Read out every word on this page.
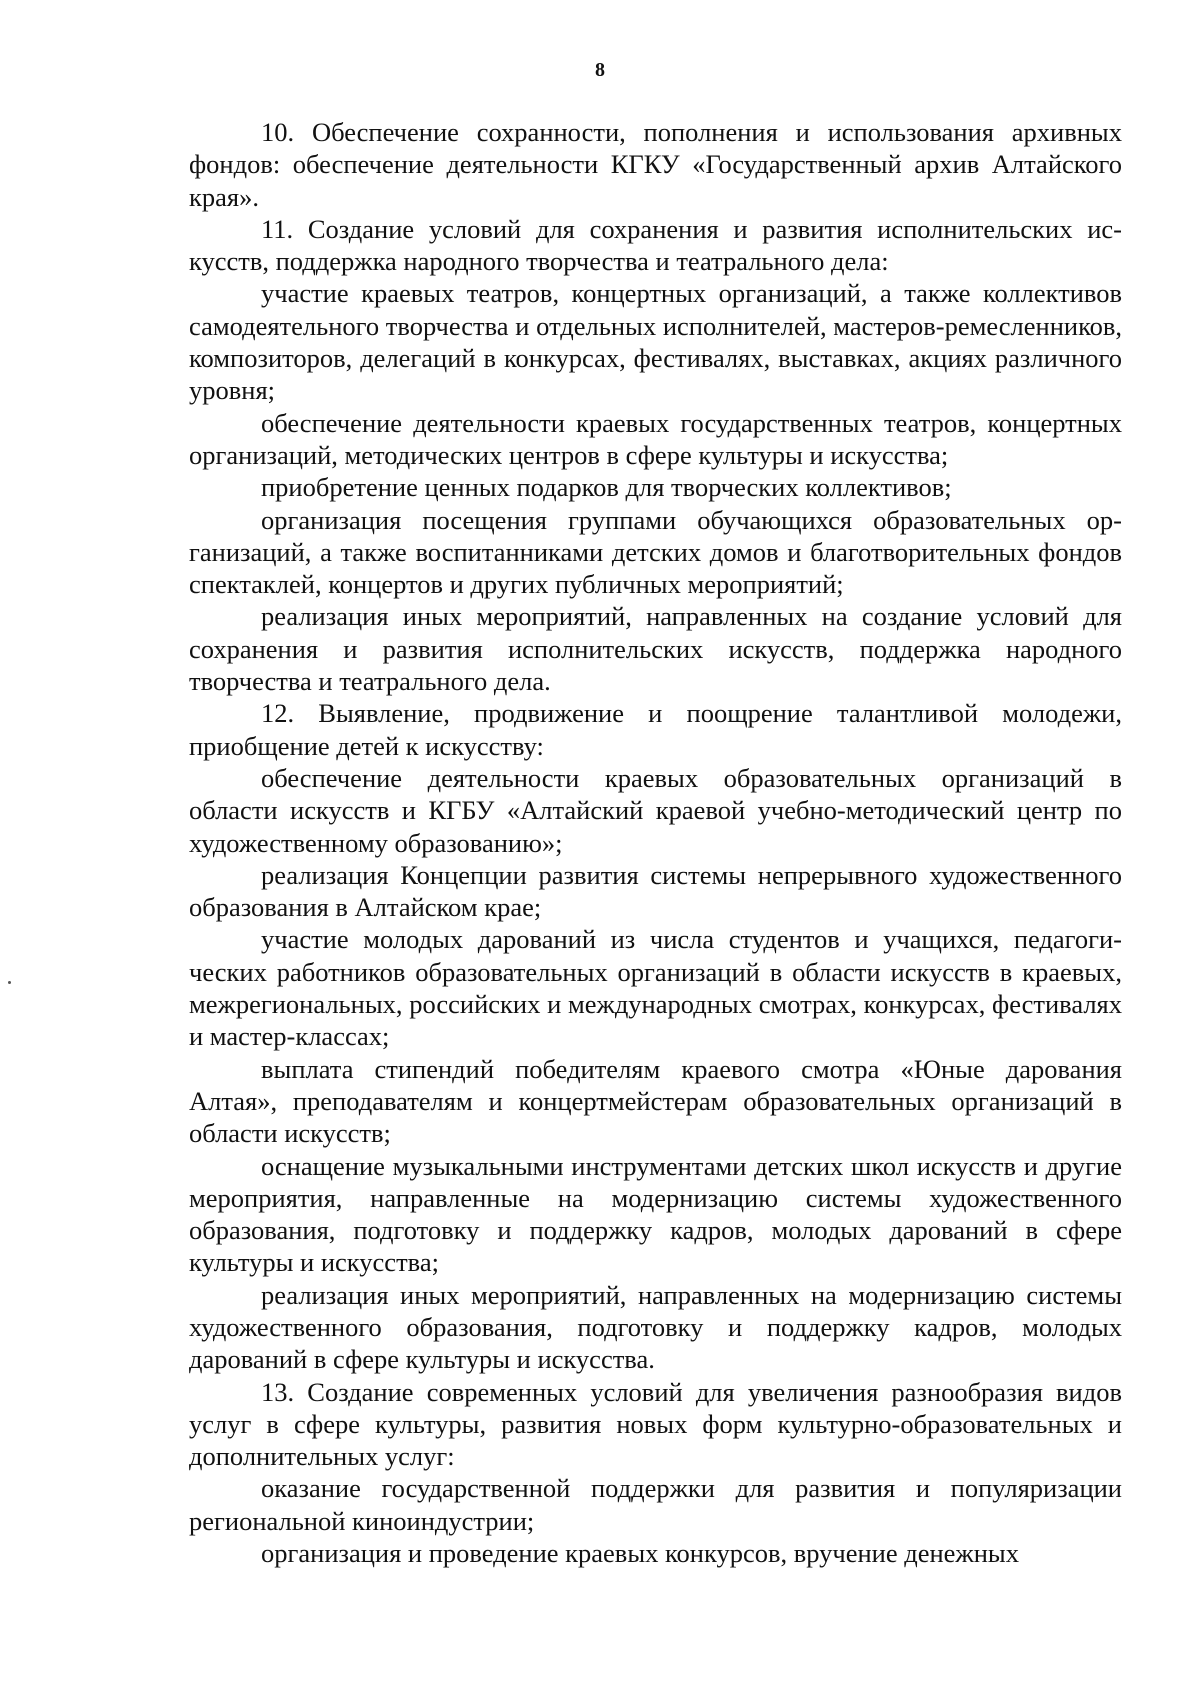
8

10. Обеспечение сохранности, пополнения и использования архивных фондов: обеспечение деятельности КГКУ «Государственный архив Алтайского края».

11. Создание условий для сохранения и развития исполнительских искусств, поддержка народного творчества и театрального дела:

участие краевых театров, концертных организаций, а также коллективов самодеятельного творчества и отдельных исполнителей, мастеров-ремесленников, композиторов, делегаций в конкурсах, фестивалях, выставках, акциях различного уровня;

обеспечение деятельности краевых государственных театров, концертных организаций, методических центров в сфере культуры и искусства;

приобретение ценных подарков для творческих коллективов;

организация посещения группами обучающихся образовательных организаций, а также воспитанниками детских домов и благотворительных фондов спектаклей, концертов и других публичных мероприятий;

реализация иных мероприятий, направленных на создание условий для сохранения и развития исполнительских искусств, поддержка народного творчества и театрального дела.

12. Выявление, продвижение и поощрение талантливой молодежи, приобщение детей к искусству:

обеспечение деятельности краевых образовательных организаций в области искусств и КГБУ «Алтайский краевой учебно-методический центр по художественному образованию»;

реализация Концепции развития системы непрерывного художественного образования в Алтайском крае;

участие молодых дарований из числа студентов и учащихся, педагогических работников образовательных организаций в области искусств в краевых, межрегиональных, российских и международных смотрах, конкурсах, фестивалях и мастер-классах;

выплата стипендий победителям краевого смотра «Юные дарования Алтая», преподавателям и концертмейстерам образовательных организаций в области искусств;

оснащение музыкальными инструментами детских школ искусств и другие мероприятия, направленные на модернизацию системы художественного образования, подготовку и поддержку кадров, молодых дарований в сфере культуры и искусства;

реализация иных мероприятий, направленных на модернизацию системы художественного образования, подготовку и поддержку кадров, молодых дарований в сфере культуры и искусства.

13. Создание современных условий для увеличения разнообразия видов услуг в сфере культуры, развития новых форм культурно-образовательных и дополнительных услуг:

оказание государственной поддержки для развития и популяризации региональной киноиндустрии;

организация и проведение краевых конкурсов, вручение денежных
